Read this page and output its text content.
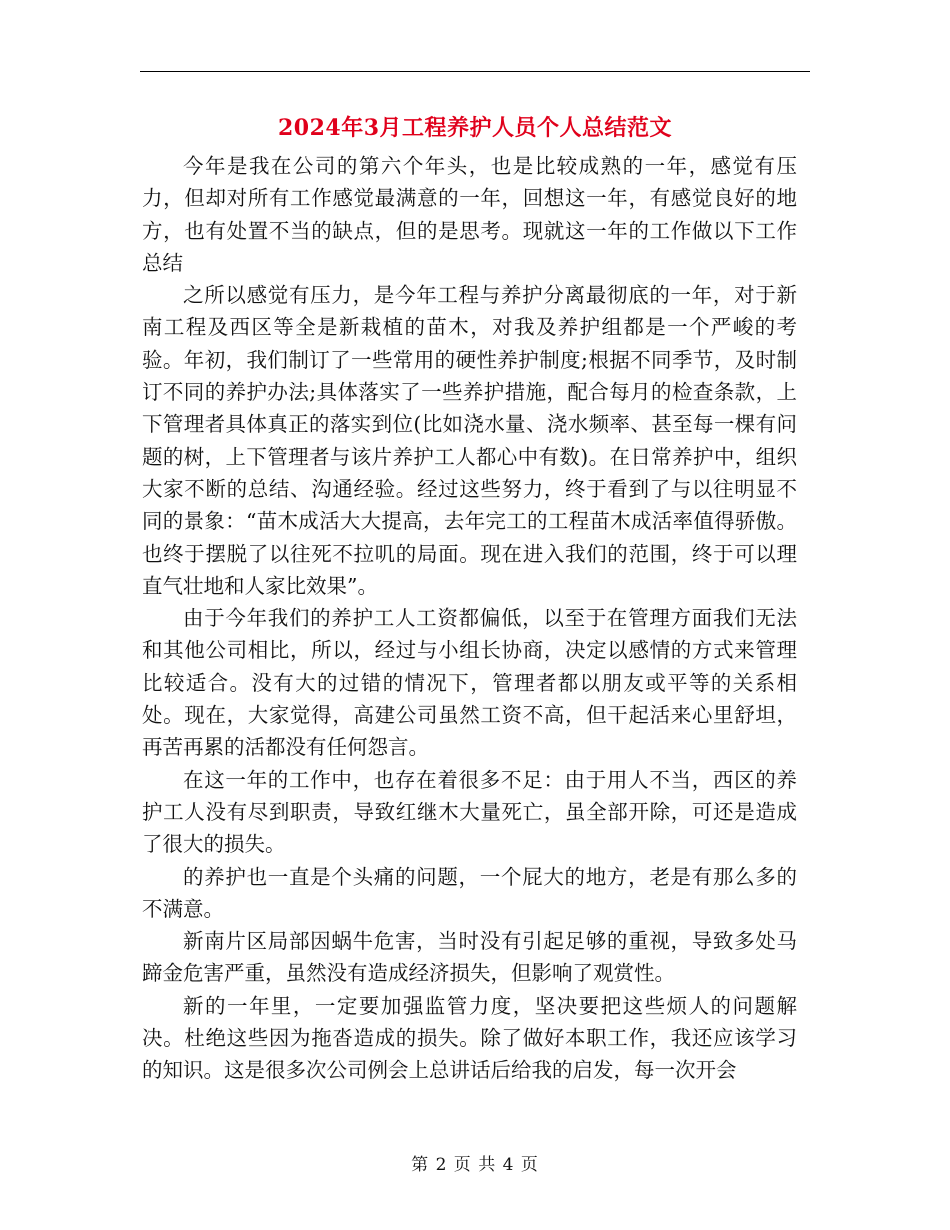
2024年3月工程养护人员个人总结范文

今年是我在公司的第六个年头，也是比较成熟的一年，感觉有压力，但却对所有工作感觉最满意的一年，回想这一年，有感觉良好的地方，也有处置不当的缺点，但的是思考。现就这一年的工作做以下工作总结

之所以感觉有压力，是今年工程与养护分离最彻底的一年，对于新南工程及西区等全是新栽植的苗木，对我及养护组都是一个严峻的考验。年初，我们制订了一些常用的硬性养护制度;根据不同季节，及时制订不同的养护办法;具体落实了一些养护措施，配合每月的检查条款，上下管理者具体真正的落实到位(比如浇水量、浇水频率、甚至每一棵有问题的树，上下管理者与该片养护工人都心中有数)。在日常养护中，组织大家不断的总结、沟通经验。经过这些努力，终于看到了与以往明显不同的景象：“苗木成活大大提高，去年完工的工程苗木成活率值得骄傲。也终于摆脱了以往死不拉叽的局面。现在进入我们的范围，终于可以理直气壮地和人家比效果”。

由于今年我们的养护工人工资都偏低，以至于在管理方面我们无法和其他公司相比，所以，经过与小组长协商，决定以感情的方式来管理比较适合。没有大的过错的情况下，管理者都以朋友或平等的关系相处。现在，大家觉得，高建公司虽然工资不高，但干起活来心里舒坦，再苦再累的活都没有任何怨言。

在这一年的工作中，也存在着很多不足：由于用人不当，西区的养护工人没有尽到职责，导致红继木大量死亡，虽全部开除，可还是造成了很大的损失。

的养护也一直是个头痛的问题，一个屁大的地方，老是有那么多的不满意。

新南片区局部因蜗牛危害，当时没有引起足够的重视，导致多处马蹄金危害严重，虽然没有造成经济损失，但影响了观赏性。

新的一年里，一定要加强监管力度，坚决要把这些烦人的问题解决。杜绝这些因为拖沓造成的损失。除了做好本职工作，我还应该学习的知识。这是很多次公司例会上总讲话后给我的启发，每一次开会

第 2 页 共 4 页
